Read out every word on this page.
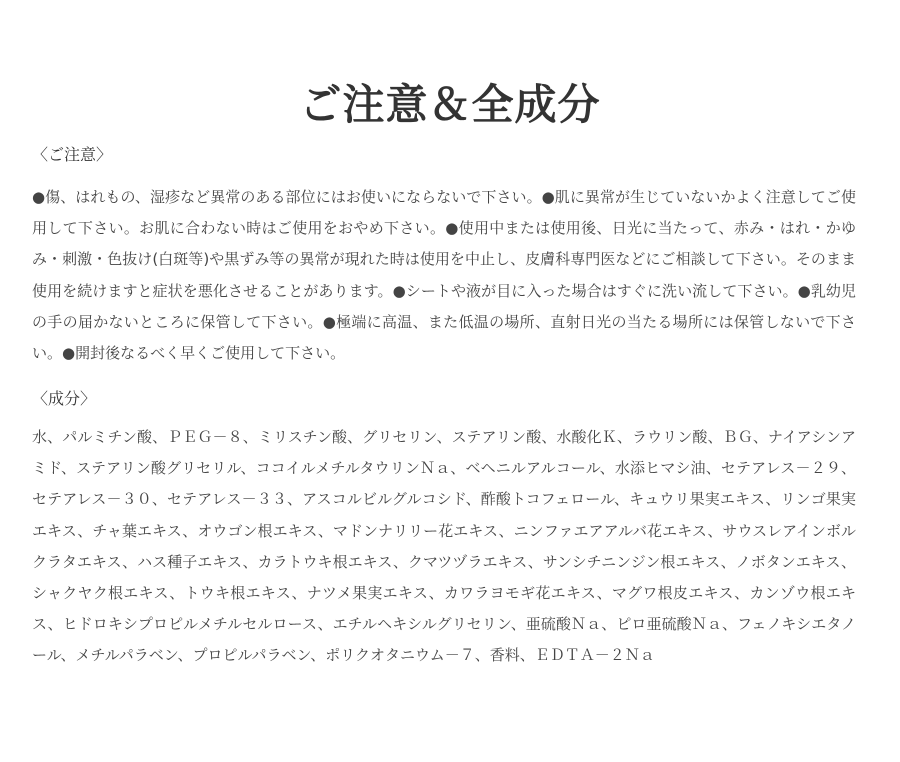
ご注意＆全成分
〈ご注意〉

●傷、はれもの、湿疹など異常のある部位にはお使いにならないで下さい。●肌に異常が生じていないかよく注意してご使用して下さい。お肌に合わない時はご使用をおやめ下さい。●使用中または使用後、日光に当たって、赤み・はれ・かゆみ・刺激・色抜け(白斑等)や黒ずみ等の異常が現れた時は使用を中止し、皮膚科専門医などにご相談して下さい。そのまま使用を続けますと症状を悪化させることがあります。●シートや液が目に入った場合はすぐに洗い流して下さい。●乳幼児の手の届かないところに保管して下さい。●極端に高温、また低温の場所、直射日光の当たる場所には保管しないで下さい。●開封後なるべく早くご使用して下さい。

〈成分〉

水、パルミチン酸、ＰＥＧ－８、ミリスチン酸、グリセリン、ステアリン酸、水酸化Ｋ、ラウリン酸、ＢＧ、ナイアシンアミド、ステアリン酸グリセリル、ココイルメチルタウリンＮａ、ベヘニルアルコール、水添ヒマシ油、セテアレス－２９、セテアレス－３０、セテアレス－３３、アスコルビルグルコシド、酢酸トコフェロール、キュウリ果実エキス、リンゴ果実エキス、チャ葉エキス、オウゴン根エキス、マドンナリリー花エキス、ニンファエアアルバ花エキス、サウスレアインボルクラタエキス、ハス種子エキス、カラトウキ根エキス、クマツヅラエキス、サンシチニンジン根エキス、ノボタンエキス、シャクヤク根エキス、トウキ根エキス、ナツメ果実エキス、カワラヨモギ花エキス、マグワ根皮エキス、カンゾウ根エキス、ヒドロキシプロピルメチルセルロース、エチルヘキシルグリセリン、亜硫酸Ｎａ、ピロ亜硫酸Ｎａ、フェノキシエタノール、メチルパラベン、プロピルパラベン、ポリクオタニウム－７、香料、ＥＤＴＡ－２Ｎａ
